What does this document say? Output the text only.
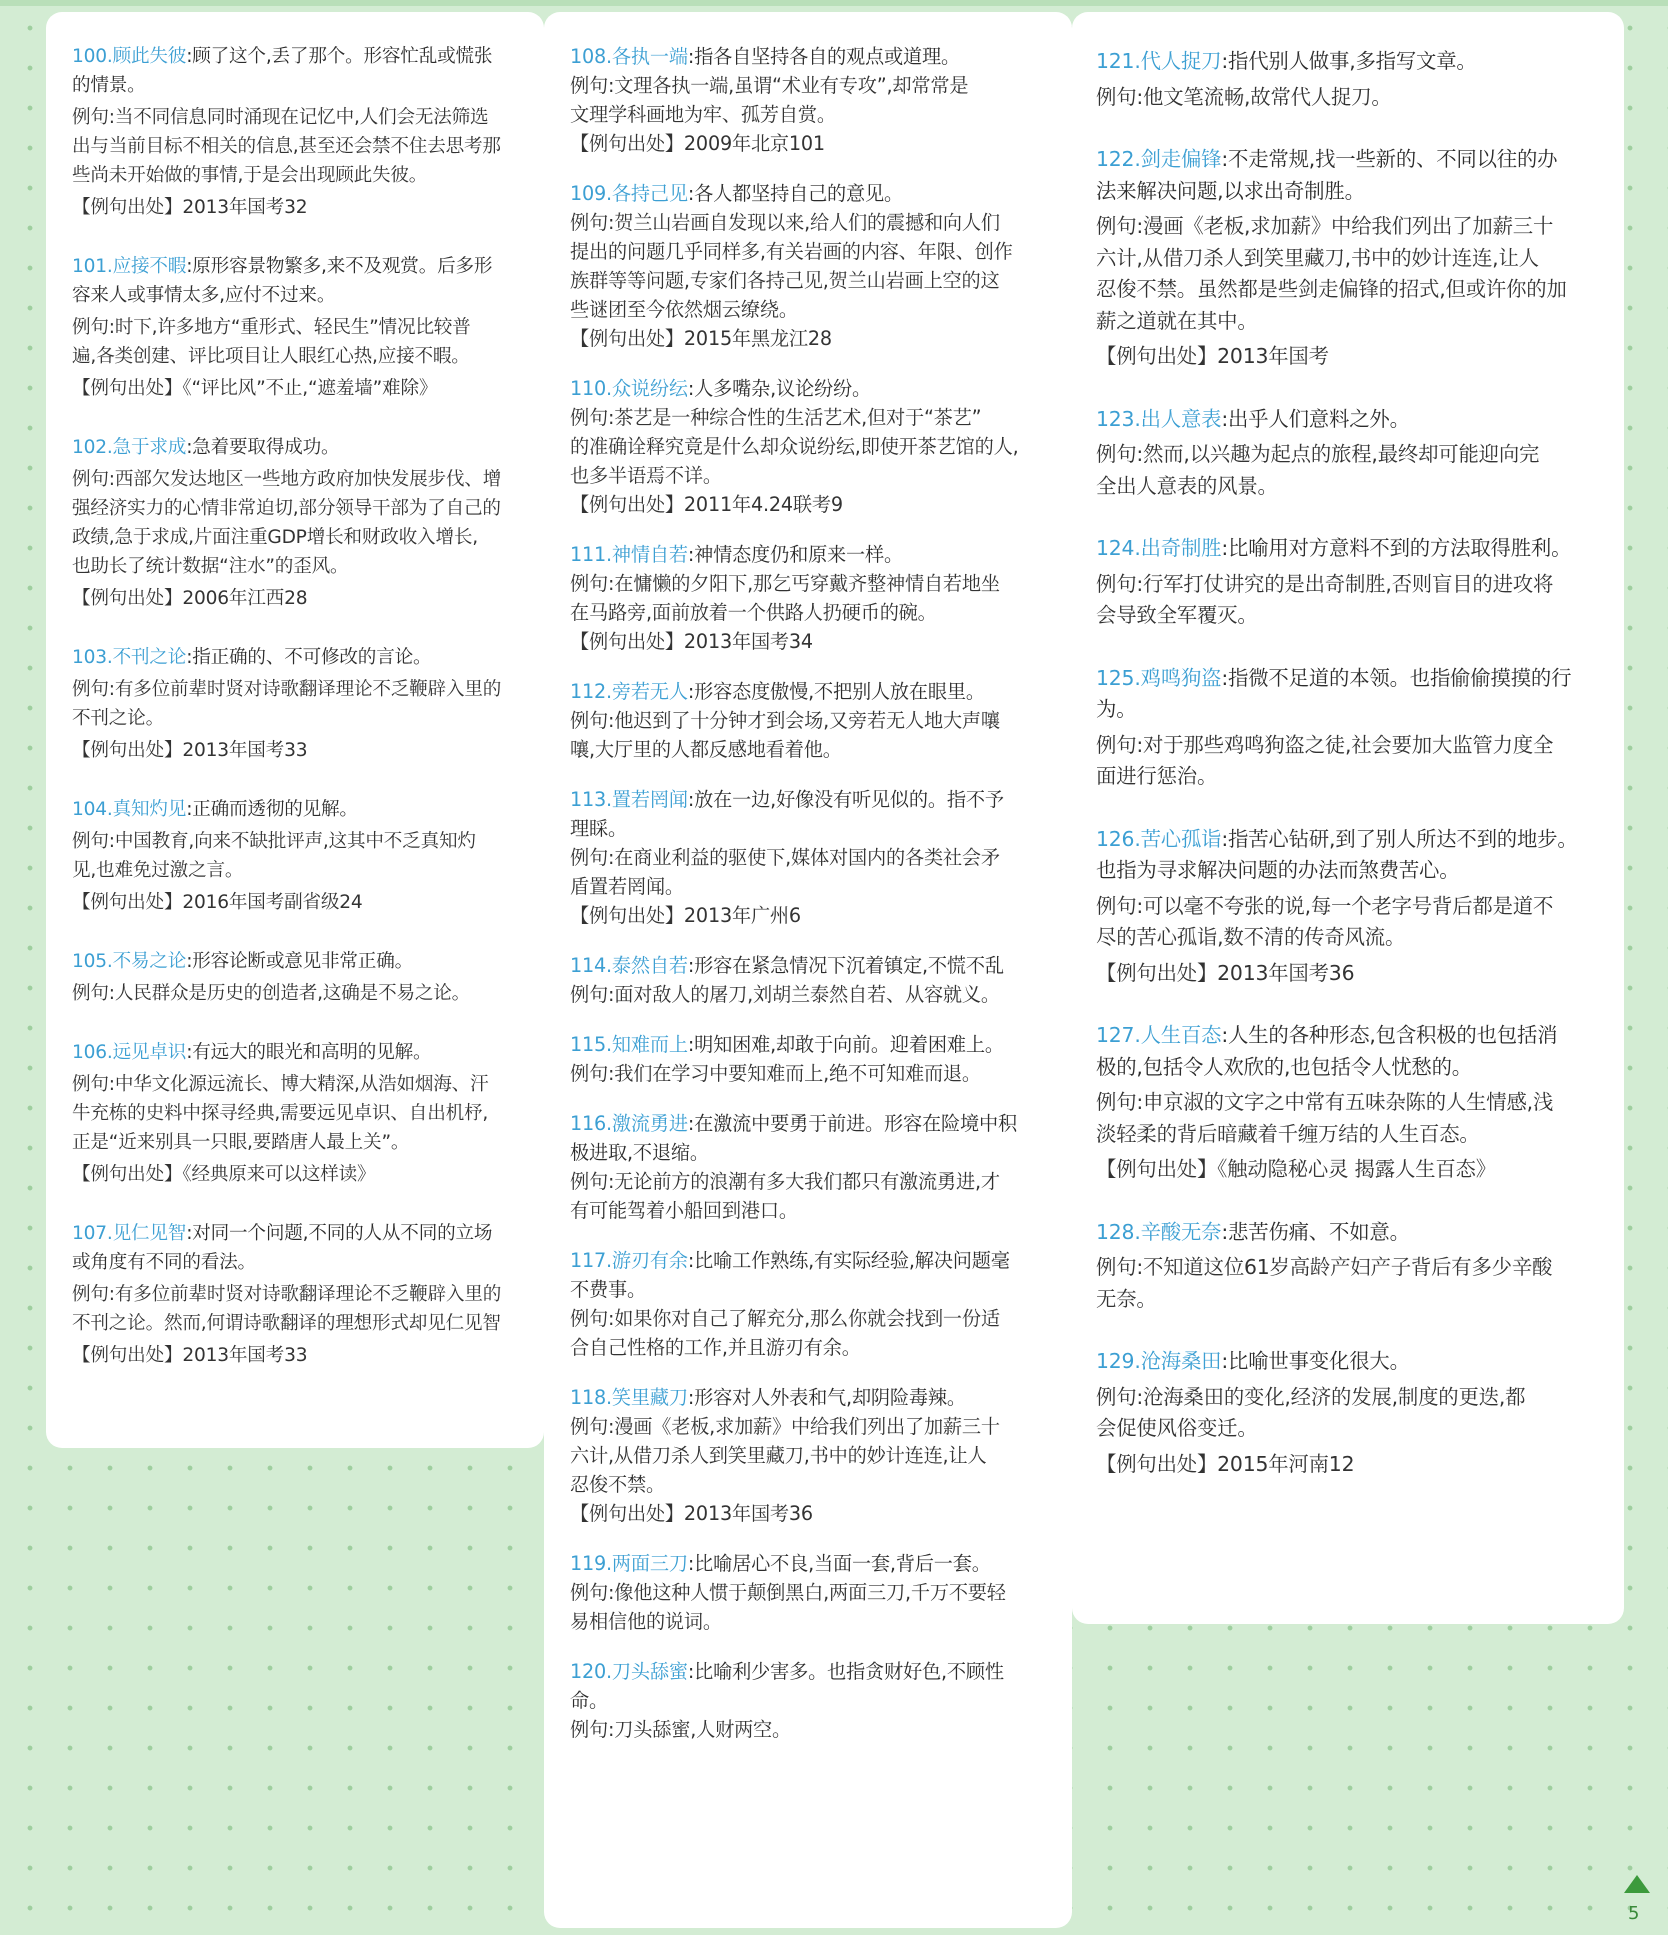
100.顾此失彼:顾了这个,丢了那个。形容忙乱或慌张
的情景。
例句:当不同信息同时涌现在记忆中,人们会无法筛选
出与当前目标不相关的信息,甚至还会禁不住去思考那
些尚未开始做的事情,于是会出现顾此失彼。
【例句出处】2013年国考32
101.应接不暇:原形容景物繁多,来不及观赏。后多形
容来人或事情太多,应付不过来。
例句:时下,许多地方“重形式、轻民生”情况比较普
遍,各类创建、评比项目让人眼红心热,应接不暇。
【例句出处】《“评比风”不止,“遮羞墙”难除》
102.急于求成:急着要取得成功。
例句:西部欠发达地区一些地方政府加快发展步伐、增
强经济实力的心情非常迫切,部分领导干部为了自己的
政绩,急于求成,片面注重GDP增长和财政收入增长,
也助长了统计数据“注水”的歪风。
【例句出处】2006年江西28
103.不刊之论:指正确的、不可修改的言论。
例句:有多位前辈时贤对诗歌翻译理论不乏鞭辟入里的
不刊之论。
【例句出处】2013年国考33
104.真知灼见:正确而透彻的见解。
例句:中国教育,向来不缺批评声,这其中不乏真知灼
见,也难免过激之言。
【例句出处】2016年国考副省级24
105.不易之论:形容论断或意见非常正确。
例句:人民群众是历史的创造者,这确是不易之论。
106.远见卓识:有远大的眼光和高明的见解。
例句:中华文化源远流长、博大精深,从浩如烟海、汗
牛充栋的史料中探寻经典,需要远见卓识、自出机杼,
正是“近来别具一只眼,要踏唐人最上关”。
【例句出处】《经典原来可以这样读》
107.见仁见智:对同一个问题,不同的人从不同的立场
或角度有不同的看法。
例句:有多位前辈时贤对诗歌翻译理论不乏鞭辟入里的
不刊之论。然而,何谓诗歌翻译的理想形式却见仁见智
【例句出处】2013年国考33
108.各执一端:指各自坚持各自的观点或道理。
例句:文理各执一端,虽谓“术业有专攻”,却常常是
文理学科画地为牢、孤芳自赏。
【例句出处】2009年北京101
109.各持己见:各人都坚持自己的意见。
例句:贺兰山岩画自发现以来,给人们的震撼和向人们
提出的问题几乎同样多,有关岩画的内容、年限、创作
族群等等问题,专家们各持己见,贺兰山岩画上空的这
些谜团至今依然烟云缭绕。
【例句出处】2015年黑龙江28
110.众说纷纭:人多嘴杂,议论纷纷。
例句:茶艺是一种综合性的生活艺术,但对于“茶艺”
的准确诠释究竟是什么却众说纷纭,即使开茶艺馆的人,
也多半语焉不详。
【例句出处】2011年4.24联考9
111.神情自若:神情态度仍和原来一样。
例句:在慵懒的夕阳下,那乞丐穿戴齐整神情自若地坐
在马路旁,面前放着一个供路人扔硬币的碗。
【例句出处】2013年国考34
112.旁若无人:形容态度傲慢,不把别人放在眼里。
例句:他迟到了十分钟才到会场,又旁若无人地大声嚷
嚷,大厅里的人都反感地看着他。
113.置若罔闻:放在一边,好像没有听见似的。指不予
理睬。
例句:在商业利益的驱使下,媒体对国内的各类社会矛
盾置若罔闻。
【例句出处】2013年广州6
114.泰然自若:形容在紧急情况下沉着镇定,不慌不乱
例句:面对敌人的屠刀,刘胡兰泰然自若、从容就义。
115.知难而上:明知困难,却敢于向前。迎着困难上。
例句:我们在学习中要知难而上,绝不可知难而退。
116.激流勇进:在激流中要勇于前进。形容在险境中积
极进取,不退缩。
例句:无论前方的浪潮有多大我们都只有激流勇进,才
有可能驾着小船回到港口。
117.游刃有余:比喻工作熟练,有实际经验,解决问题毫
不费事。
例句:如果你对自己了解充分,那么你就会找到一份适
合自己性格的工作,并且游刃有余。
118.笑里藏刀:形容对人外表和气,却阴险毒辣。
例句:漫画《老板,求加薪》中给我们列出了加薪三十
六计,从借刀杀人到笑里藏刀,书中的妙计连连,让人
忍俊不禁。
【例句出处】2013年国考36
119.两面三刀:比喻居心不良,当面一套,背后一套。
例句:像他这种人惯于颠倒黑白,两面三刀,千万不要轻
易相信他的说词。
120.刀头舔蜜:比喻利少害多。也指贪财好色,不顾性
命。
例句:刀头舔蜜,人财两空。
121.代人捉刀:指代别人做事,多指写文章。
例句:他文笔流畅,故常代人捉刀。
122.剑走偏锋:不走常规,找一些新的、不同以往的办
法来解决问题,以求出奇制胜。
例句:漫画《老板,求加薪》中给我们列出了加薪三十
六计,从借刀杀人到笑里藏刀,书中的妙计连连,让人
忍俊不禁。虽然都是些剑走偏锋的招式,但或许你的加
薪之道就在其中。
【例句出处】2013年国考
123.出人意表:出乎人们意料之外。
例句:然而,以兴趣为起点的旅程,最终却可能迎向完
全出人意表的风景。
124.出奇制胜:比喻用对方意料不到的方法取得胜利。
例句:行军打仗讲究的是出奇制胜,否则盲目的进攻将
会导致全军覆灭。
125.鸡鸣狗盗:指微不足道的本领。也指偷偷摸摸的行
为。
例句:对于那些鸡鸣狗盗之徒,社会要加大监管力度全
面进行惩治。
126.苦心孤诣:指苦心钻研,到了别人所达不到的地步。
也指为寻求解决问题的办法而煞费苦心。
例句:可以毫不夸张的说,每一个老字号背后都是道不
尽的苦心孤诣,数不清的传奇风流。
【例句出处】2013年国考36
127.人生百态:人生的各种形态,包含积极的也包括消
极的,包括令人欢欣的,也包括令人忧愁的。
例句:申京淑的文字之中常有五味杂陈的人生情感,浅
淡轻柔的背后暗藏着千缠万结的人生百态。
【例句出处】《触动隐秘心灵 揭露人生百态》
128.辛酸无奈:悲苦伤痛、不如意。
例句:不知道这位61岁高龄产妇产子背后有多少辛酸
无奈。
129.沧海桑田:比喻世事变化很大。
例句:沧海桑田的变化,经济的发展,制度的更迭,都
会促使风俗变迁。
【例句出处】2015年河南12
5
